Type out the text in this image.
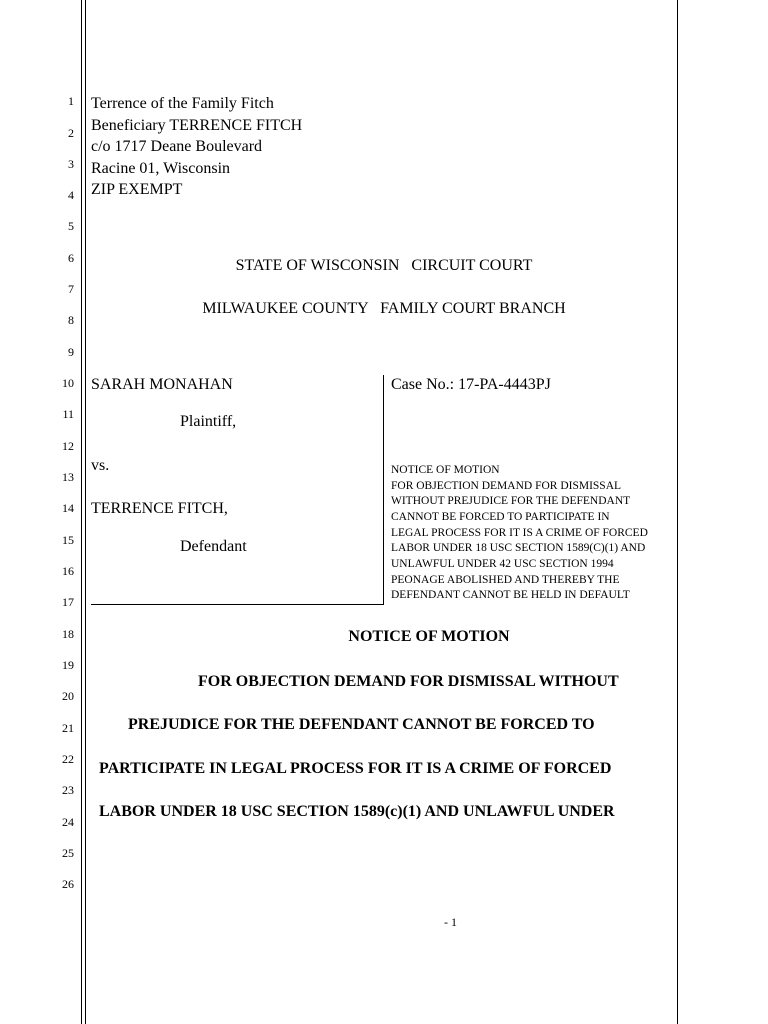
1
2
3
4
5
6
7
8
9
10
11
12
13
14
15
16
17
18
19
20
21
22
23
24
25
26
Terrence of the Family Fitch
Beneficiary TERRENCE FITCH
c/o 1717 Deane Boulevard
Racine 01, Wisconsin
ZIP EXEMPT
STATE OF WISCONSIN   CIRCUIT COURT
MILWAUKEE COUNTY   FAMILY COURT BRANCH
SARAH MONAHAN
Plaintiff,
vs.
TERRENCE FITCH,
Defendant
Case No.: 17-PA-4443PJ
NOTICE OF MOTION
FOR OBJECTION DEMAND FOR DISMISSAL
WITHOUT PREJUDICE FOR THE DEFENDANT
CANNOT BE FORCED TO PARTICIPATE IN
LEGAL PROCESS FOR IT IS A CRIME OF FORCED
LABOR UNDER 18 USC SECTION 1589(C)(1) AND
UNLAWFUL UNDER 42 USC SECTION 1994
PEONAGE ABOLISHED AND THEREBY THE
DEFENDANT CANNOT BE HELD IN DEFAULT
NOTICE OF MOTION
FOR OBJECTION DEMAND FOR DISMISSAL WITHOUT
PREJUDICE FOR THE DEFENDANT CANNOT BE FORCED TO
PARTICIPATE IN LEGAL PROCESS FOR IT IS A CRIME OF FORCED
LABOR UNDER 18 USC SECTION 1589(c)(1) AND UNLAWFUL UNDER
- 1
